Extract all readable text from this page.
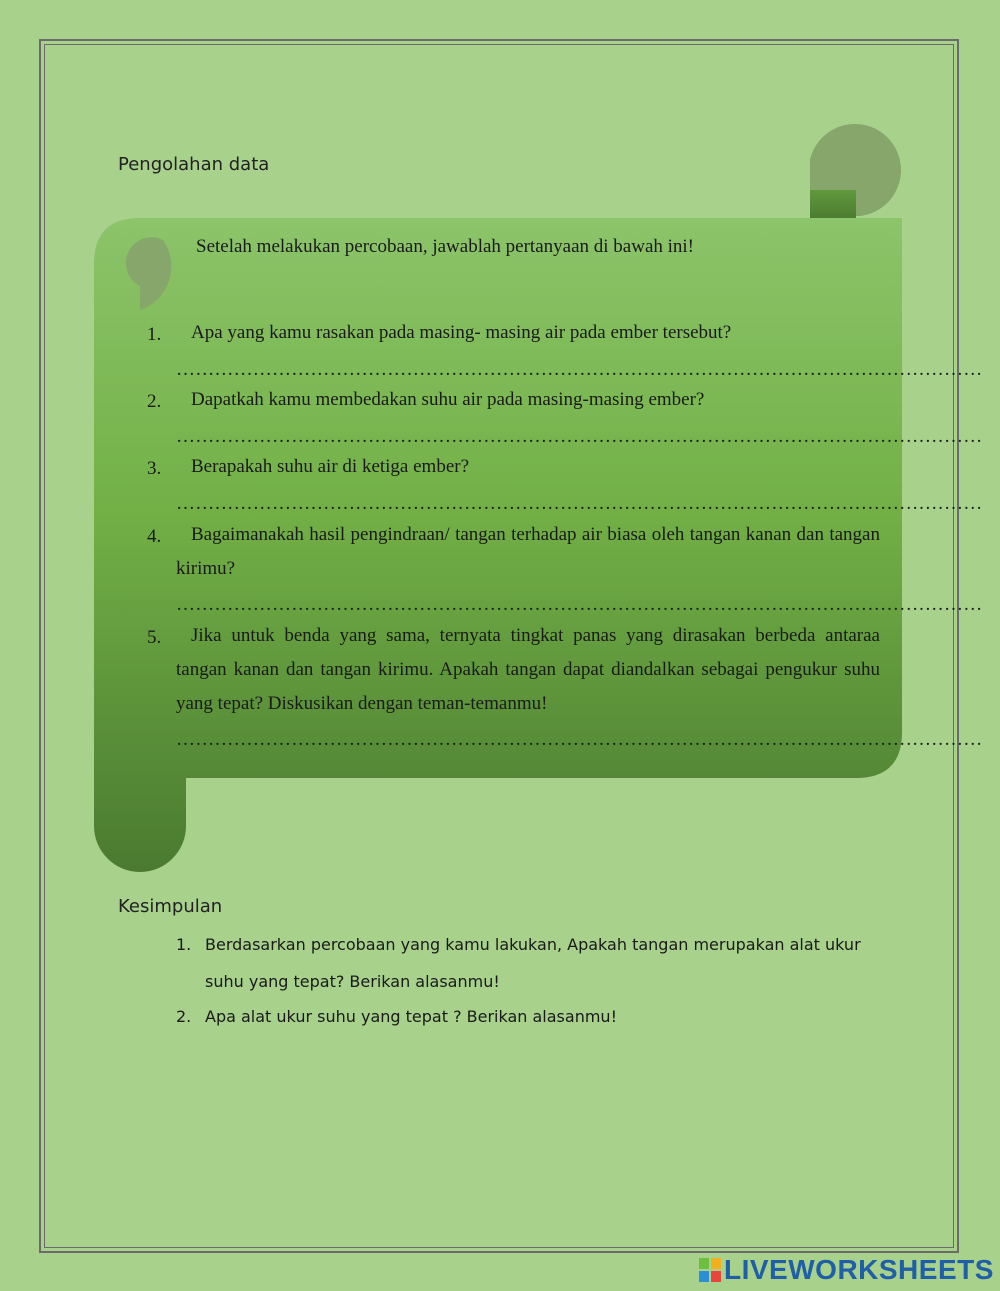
Pengolahan data
Setelah melakukan percobaan, jawablah pertanyaan di bawah ini!
1.	Apa yang kamu rasakan pada masing- masing air pada ember tersebut?
………………………………………………………………………………………………………………
2.	Dapatkah kamu membedakan suhu air pada masing-masing ember?
………………………………………………………………………………………………………………
3.	Berapakah suhu air di ketiga ember?
………………………………………………………………………………………………………………
4.	Bagaimanakah hasil pengindraan/ tangan terhadap air biasa oleh tangan kanan dan tangan kirimu?
………………………………………………………………………………………………………………
5.	Jika untuk benda yang sama, ternyata tingkat panas yang dirasakan berbeda antaraa tangan kanan dan tangan kirimu. Apakah tangan dapat diandalkan sebagai pengukur suhu yang tepat? Diskusikan dengan teman-temanmu!
………………………………………………………………………………………………………………
Kesimpulan
1. Berdasarkan percobaan yang kamu lakukan, Apakah tangan merupakan alat ukur suhu yang tepat? Berikan alasanmu!
2. Apa alat ukur suhu yang tepat ? Berikan alasanmu!
LIVEWORKSHEETS
